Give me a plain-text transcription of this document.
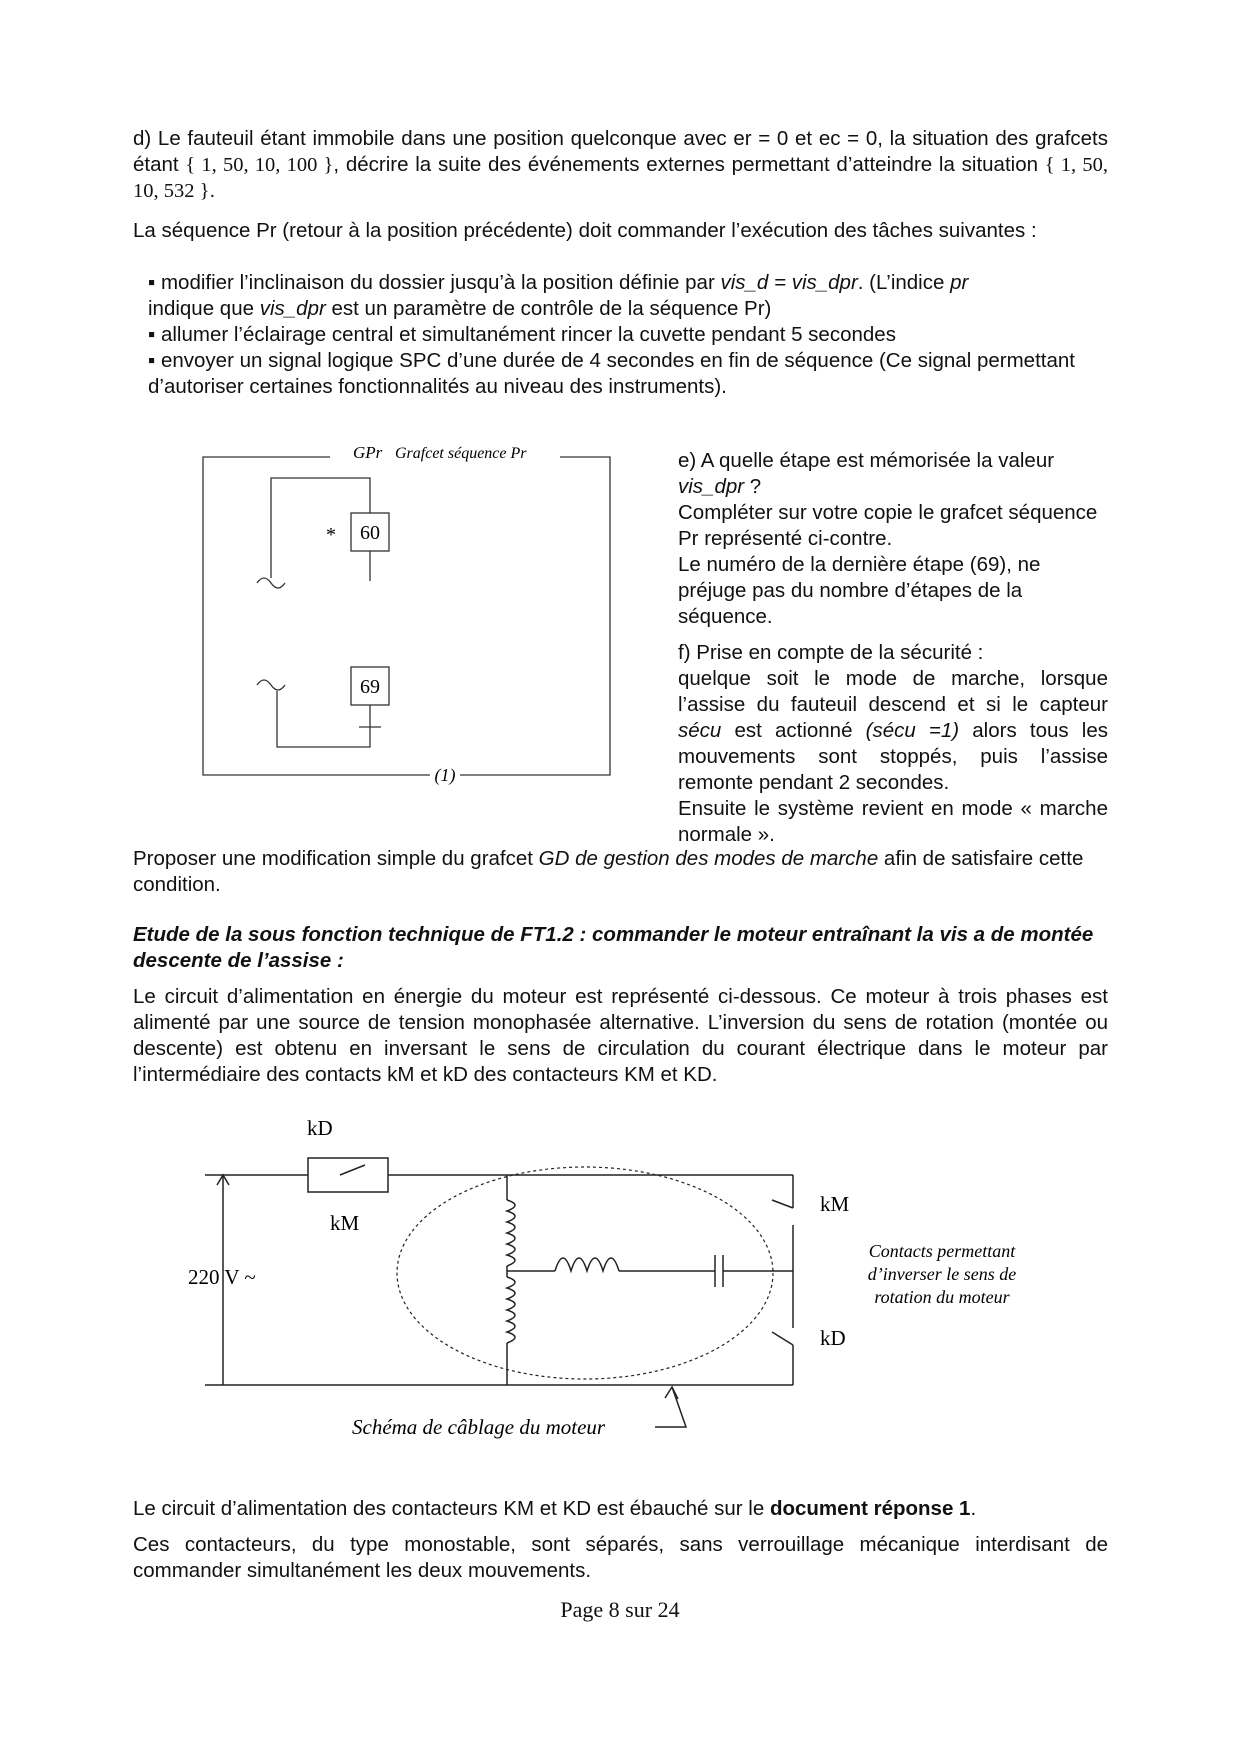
d) Le fauteuil étant immobile dans une position quelconque avec er = 0 et ec = 0, la situation des grafcets étant { 1, 50, 10, 100 }, décrire la suite des événements externes permettant d’atteindre la situation { 1, 50, 10, 532 }.

La séquence Pr (retour à la position précédente) doit commander l’exécution des tâches suivantes :

▪ modifier l’inclinaison du dossier jusqu’à la position définie par vis_d = vis_dpr. (L’indice pr
indique que vis_dpr est un paramètre de contrôle de la séquence Pr)

▪ allumer l’éclairage central et simultanément rincer la cuvette pendant 5 secondes

▪ envoyer un signal logique SPC d’une durée de 4 secondes en fin de séquence (Ce signal permettant d’autoriser certaines fonctionnalités au niveau des instruments).

GPr Grafcet séquence Pr
* 60
69
(1)
e) A quelle étape est mémorisée la valeur
vis_dpr ?
Compléter sur votre copie le grafcet séquence Pr représenté ci-contre.
Le numéro de la dernière étape (69), ne préjuge pas du nombre d’étapes de la séquence.
f) Prise en compte de la sécurité :
quelque soit le mode de marche, lorsque l’assise du fauteuil descend et si le capteur sécu est actionné (sécu =1) alors tous les mouvements sont stoppés, puis l’assise remonte pendant 2 secondes.
Ensuite le système revient en mode « marche normale ».

Proposer une modification simple du grafcet GD de gestion des modes de marche afin de satisfaire cette condition.

Etude de la sous fonction technique de FT1.2 : commander le moteur entraînant la vis a de montée descente de l’assise :

Le circuit d’alimentation en énergie du moteur est représenté ci-dessous. Ce moteur à trois phases est alimenté par une source de tension monophasée alternative. L’inversion du sens de rotation (montée ou descente) est obtenu en inversant le sens de circulation du courant électrique dans le moteur par l’intermédiaire des contacts kM et kD des contacteurs KM et KD.

kD
kM
220 V ~
kM
kD
Contacts permettant
d’inverser le sens de
rotation du moteur
Schéma de câblage du moteur

Le circuit d’alimentation des contacteurs KM et KD est ébauché sur le document réponse 1.

Ces contacteurs, du type monostable, sont séparés, sans verrouillage mécanique interdisant de commander simultanément les deux mouvements.

Page 8 sur 24
